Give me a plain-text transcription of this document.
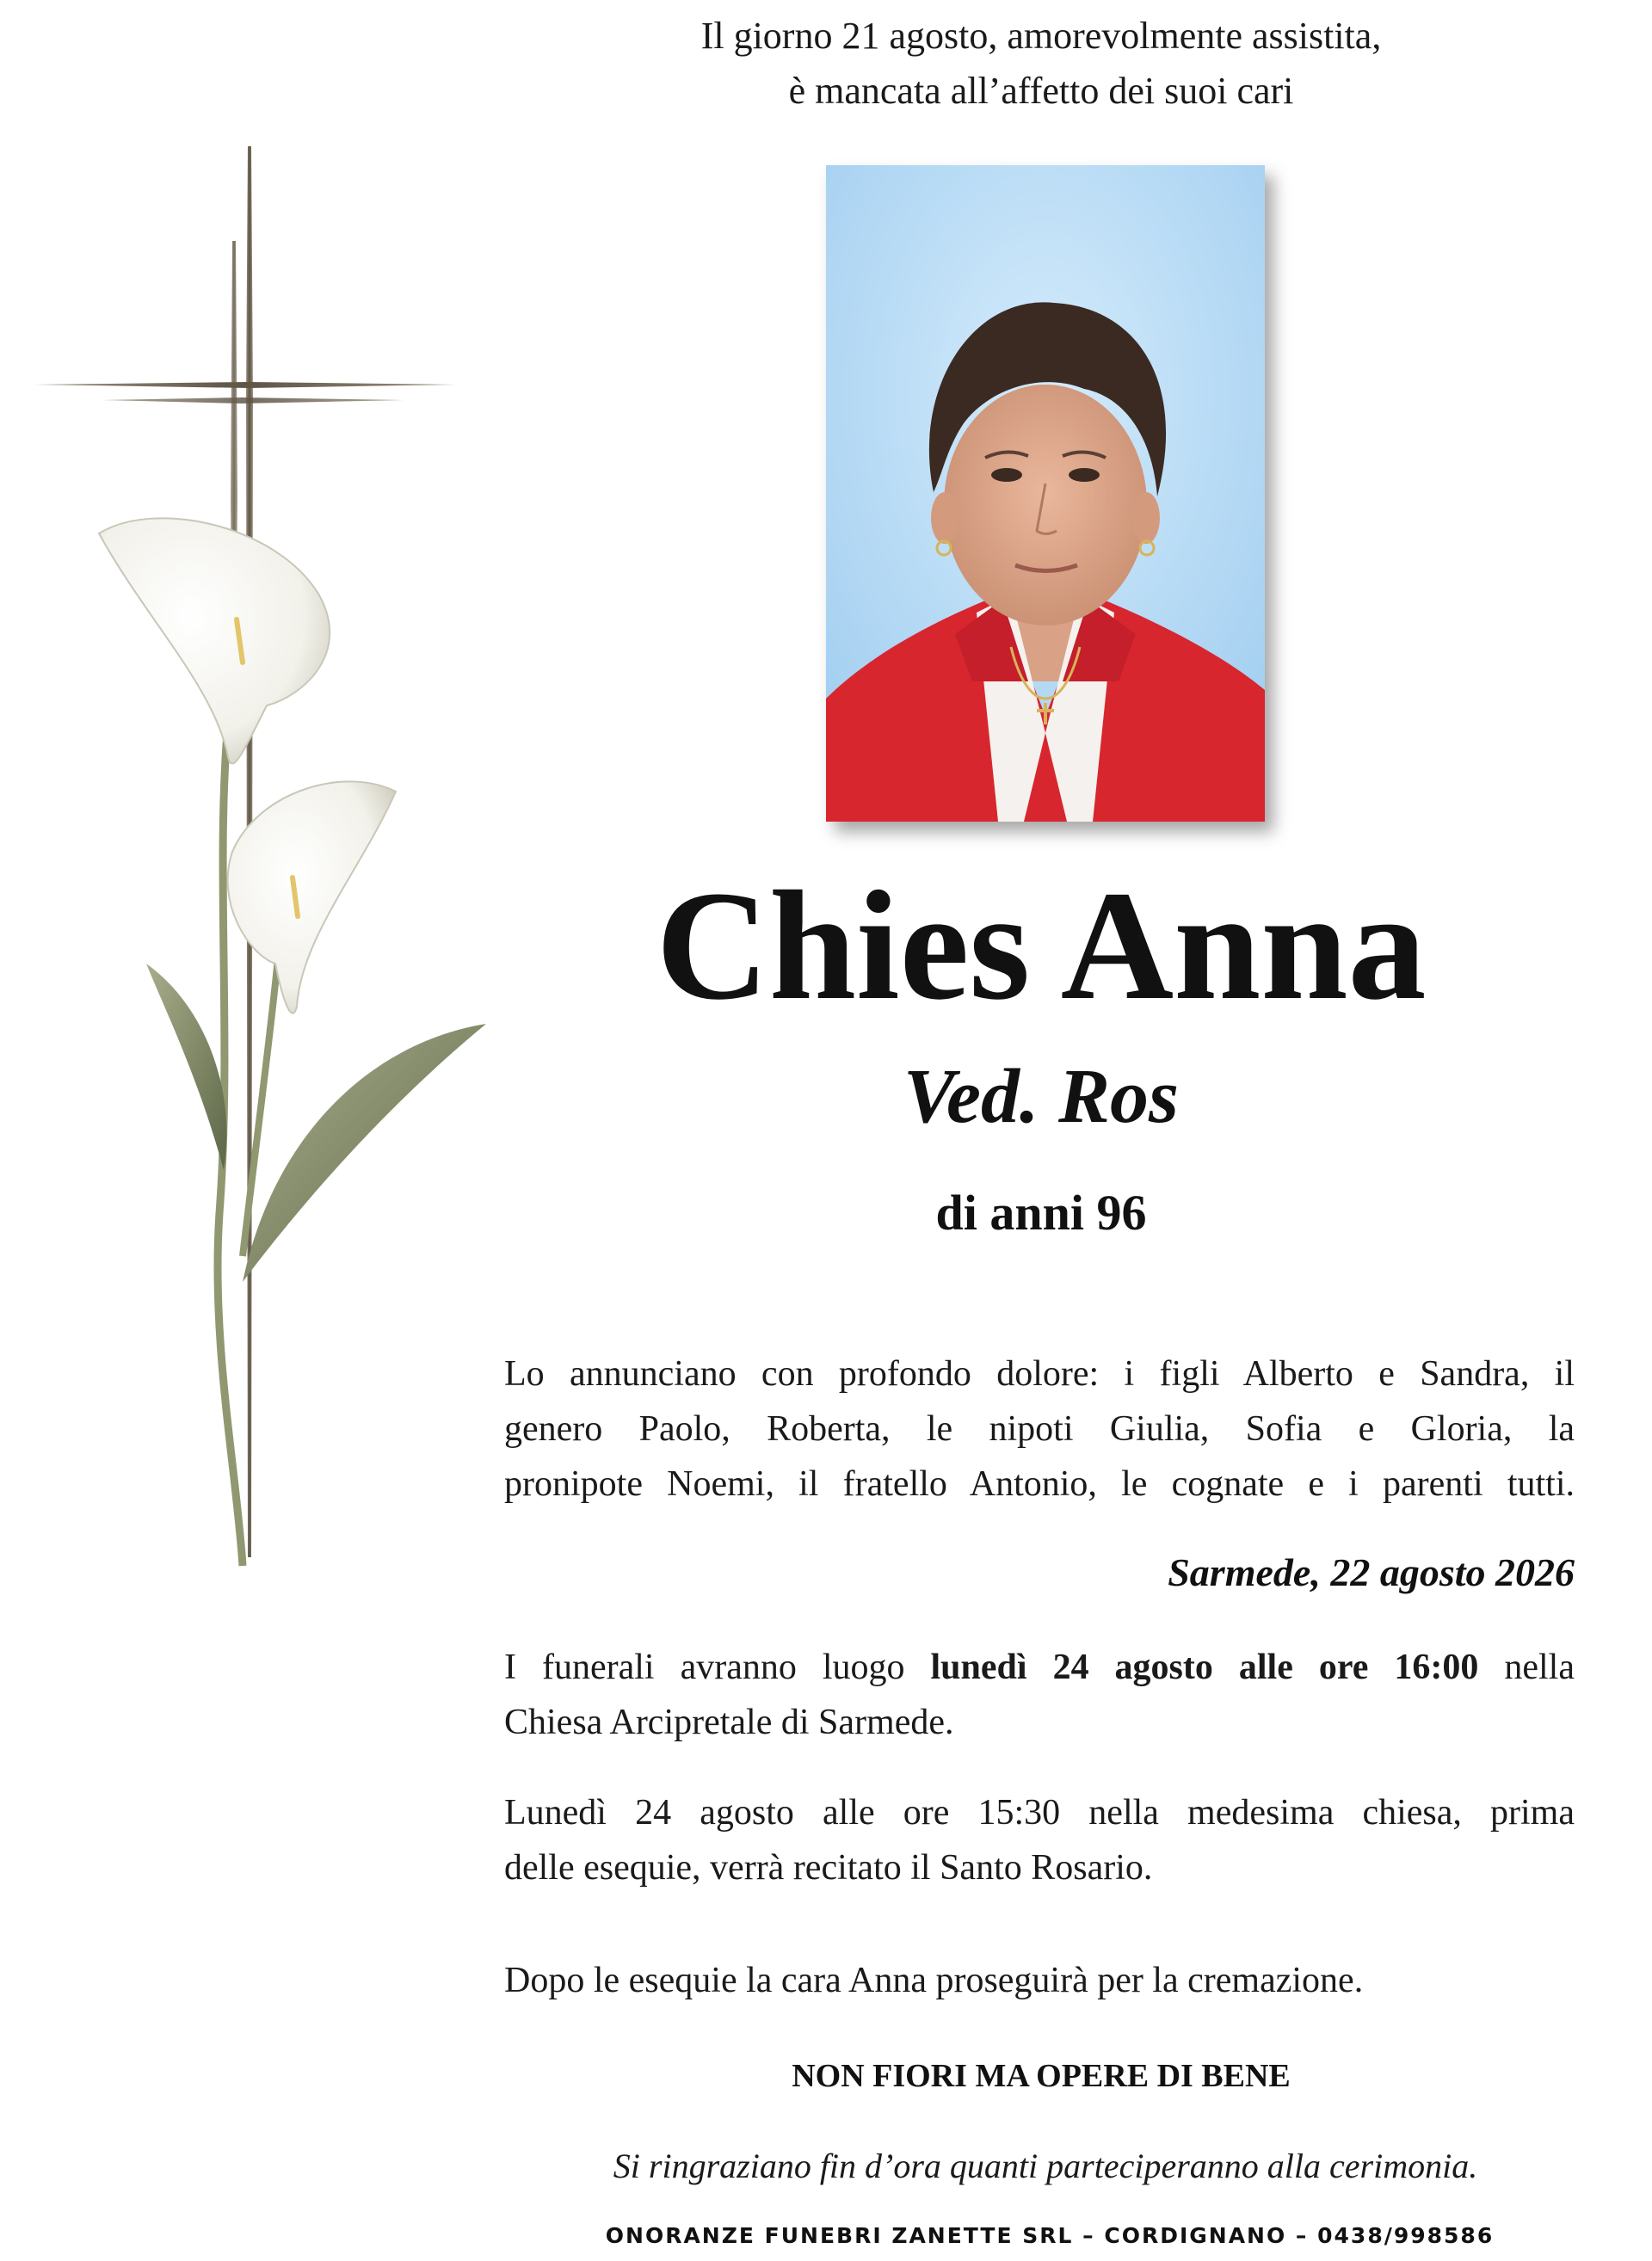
Il giorno 21 agosto, amorevolmente assistita,
è mancata all’affetto dei suoi cari
Chies Anna
Ved. Ros
di anni 96
Lo annunciano con profondo dolore: i figli Alberto e Sandra, il
genero Paolo, Roberta, le nipoti Giulia, Sofia e Gloria, la
pronipote Noemi, il fratello Antonio, le cognate e i parenti tutti.
Sarmede, 22 agosto 2026
I funerali avranno luogo lunedì 24 agosto alle ore 16:00 nella
Chiesa Arcipretale di Sarmede.
Lunedì 24 agosto alle ore 15:30 nella medesima chiesa, prima
delle esequie, verrà recitato il Santo Rosario.
Dopo le esequie la cara Anna proseguirà per la cremazione.
NON FIORI MA OPERE DI BENE
Si ringraziano fin d’ora quanti parteciperanno alla cerimonia.
ONORANZE FUNEBRI ZANETTE SRL – CORDIGNANO – 0438/998586
